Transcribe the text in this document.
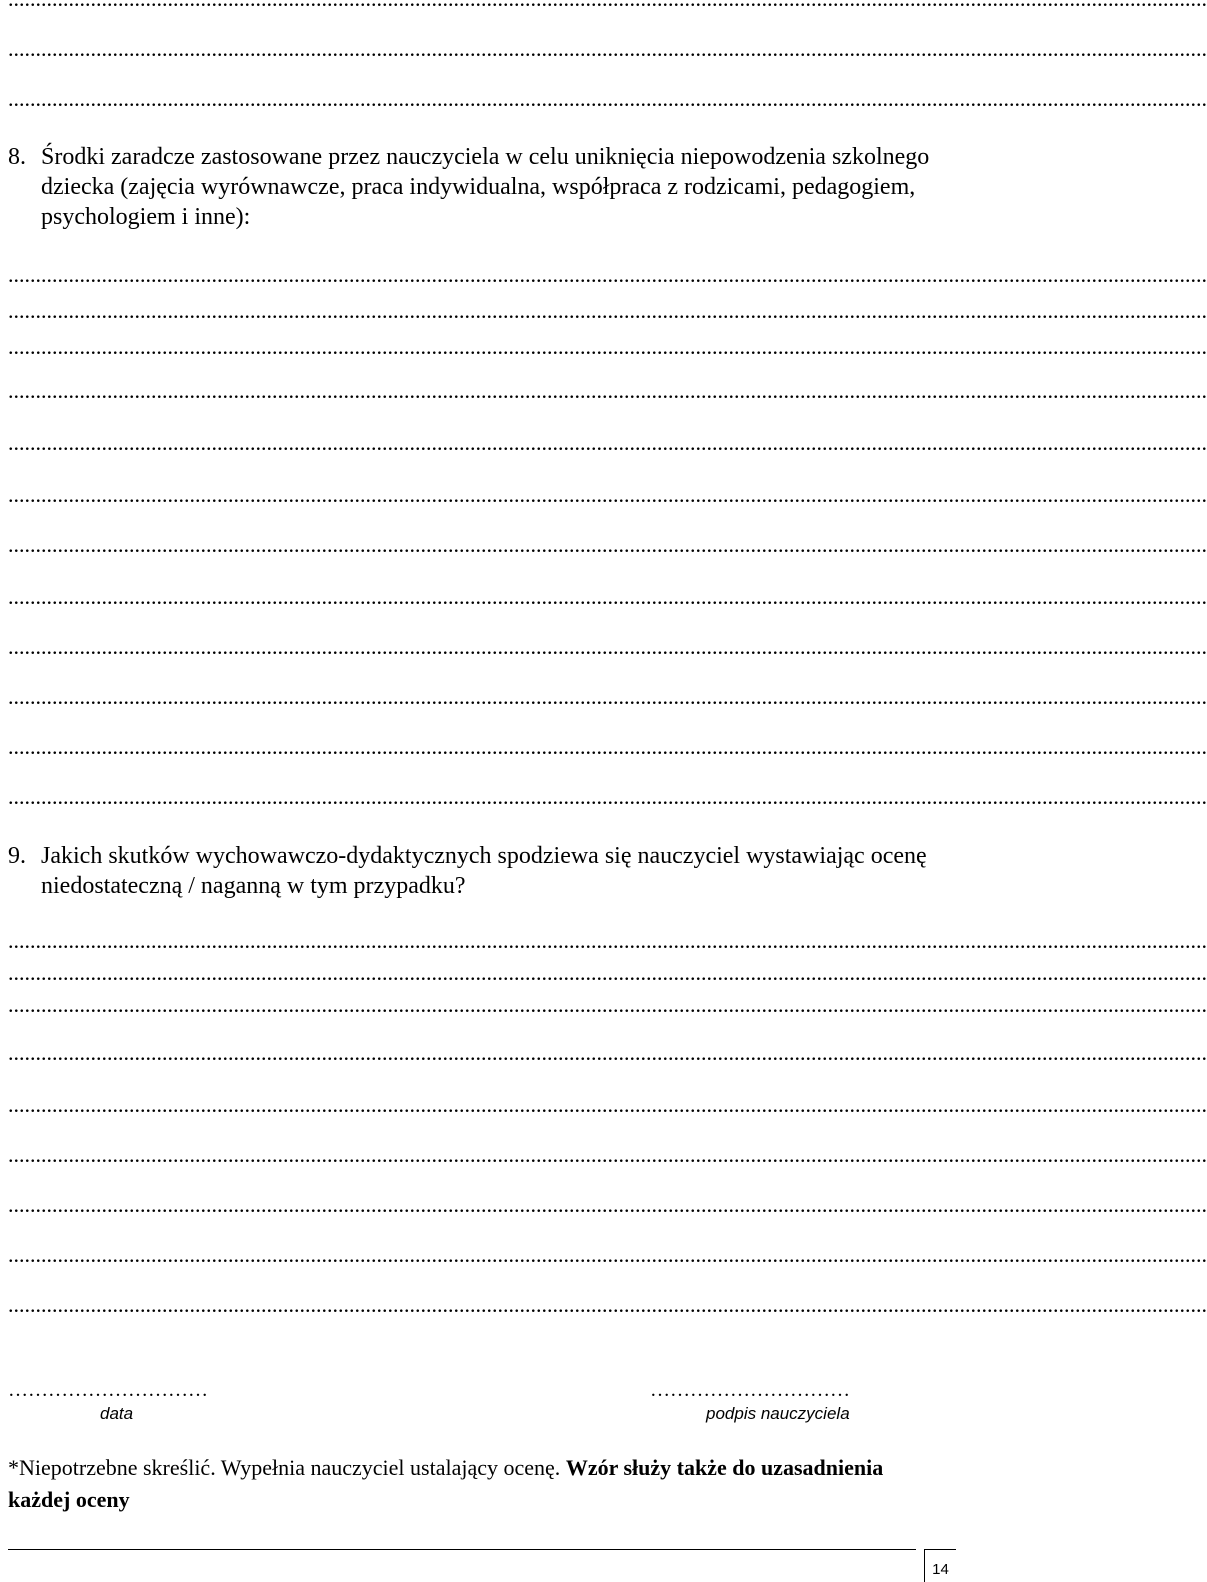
..........................................................................................................................................................................................................................
..........................................................................................................................................................................................................................
8. Środki zaradcze zastosowane przez nauczyciela w celu uniknięcia niepowodzenia szkolnego dziecka (zajęcia wyrównawcze, praca indywidualna, współpraca z rodzicami, pedagogiem, psychologiem i inne):
..........................................................................................................................................................................................................................
..........................................................................................................................................................................................................................
..........................................................................................................................................................................................................................
..........................................................................................................................................................................................................................
..........................................................................................................................................................................................................................
..........................................................................................................................................................................................................................
..........................................................................................................................................................................................................................
..........................................................................................................................................................................................................................
..........................................................................................................................................................................................................................
..........................................................................................................................................................................................................................
..........................................................................................................................................................................................................................
..........................................................................................................................................................................................................................
9. Jakich skutków wychowawczo-dydaktycznych spodziewa się nauczyciel wystawiając ocenę niedostateczną / naganną w tym przypadku?
..........................................................................................................................................................................................................................
..........................................................................................................................................................................................................................
..........................................................................................................................................................................................................................
..........................................................................................................................................................................................................................
..........................................................................................................................................................................................................................
..........................................................................................................................................................................................................................
..........................................................................................................................................................................................................................
..........................................................................................................................................................................................................................
..........................................................................................................................................................................................................................
…………………………
data
…………………………
podpis nauczyciela
*Niepotrzebne skreślić. Wypełnia nauczyciel ustalający ocenę. Wzór służy także do uzasadnienia każdej oceny
14
